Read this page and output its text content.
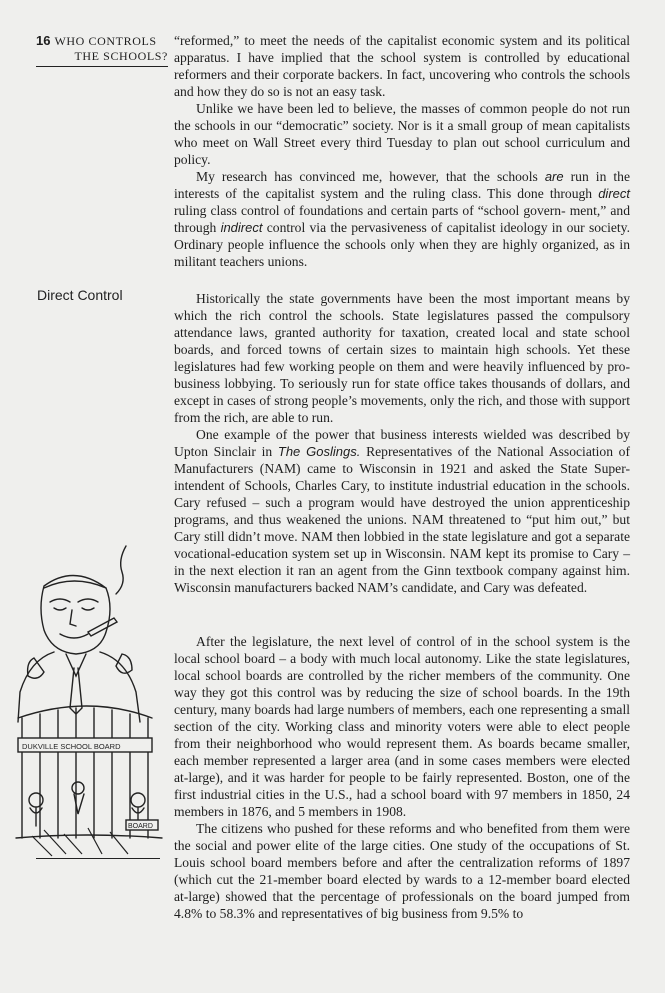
16 WHO CONTROLS
THE SCHOOLS?
Direct Control

“reformed,” to meet the needs of the capitalist economic system and its political apparatus. I have implied that the school system is controlled by educational reformers and their corporate backers. In fact, uncovering who controls the schools and how they do so is not an easy task.

Unlike we have been led to believe, the masses of common people do not run the schools in our “democratic” society. Nor is it a small group of mean capitalists who meet on Wall Street every third Tuesday to plan out school curriculum and policy.

My research has convinced me, however, that the schools are run in the interests of the capitalist system and the ruling class. This done through direct ruling class control of foundations and certain parts of “school govern- ment,” and through indirect control via the pervasiveness of capitalist ideology in our society. Ordinary people influence the schools only when they are highly organized, as in militant teachers unions.

Historically the state governments have been the most important means by which the rich control the schools. State legislatures passed the compulsory attendance laws, granted authority for taxation, created local and state school boards, and forced towns of certain sizes to maintain high schools. Yet these legislatures had few working people on them and were heavily influenced by pro-business lobbying. To seriously run for state office takes thousands of dollars, and except in cases of strong people’s movements, only the rich, and those with support from the rich, are able to run.

One example of the power that business interests wielded was described by Upton Sinclair in The Goslings. Representatives of the National Association of Manufacturers (NAM) came to Wisconsin in 1921 and asked the State Super- intendent of Schools, Charles Cary, to institute industrial education in the schools. Cary refused – such a program would have destroyed the union apprenticeship programs, and thus weakened the unions. NAM threatened to “put him out,” but Cary still didn’t move. NAM then lobbied in the state legislature and got a separate vocational-education system set up in Wisconsin. NAM kept its promise to Cary – in the next election it ran an agent from the Ginn textbook company against him. Wisconsin manufacturers backed NAM’s candidate, and Cary was defeated.

After the legislature, the next level of control of in the school system is the local school board – a body with much local autonomy. Like the state legislatures, local school boards are controlled by the richer members of the community. One way they got this control was by reducing the size of school boards. In the 19th century, many boards had large numbers of members, each one representing a small section of the city. Working class and minority voters were able to elect people from their neighborhood who would represent them. As boards became smaller, each member represented a larger area (and in some cases members were elected at-large), and it was harder for people to be fairly represented. Boston, one of the first industrial cities in the U.S., had a school board with 97 members in 1850, 24 members in 1876, and 5 members in 1908.

The citizens who pushed for these reforms and who benefited from them were the social and power elite of the large cities. One study of the occupations of St. Louis school board members before and after the centralization reforms of 1897 (which cut the 21-member board elected by wards to a 12-member board elected at-large) showed that the percentage of professionals on the board jumped from 4.8% to 58.3% and representatives of big business from 9.5% to

DUKVILLE SCHOOL BOARD
BOARD
